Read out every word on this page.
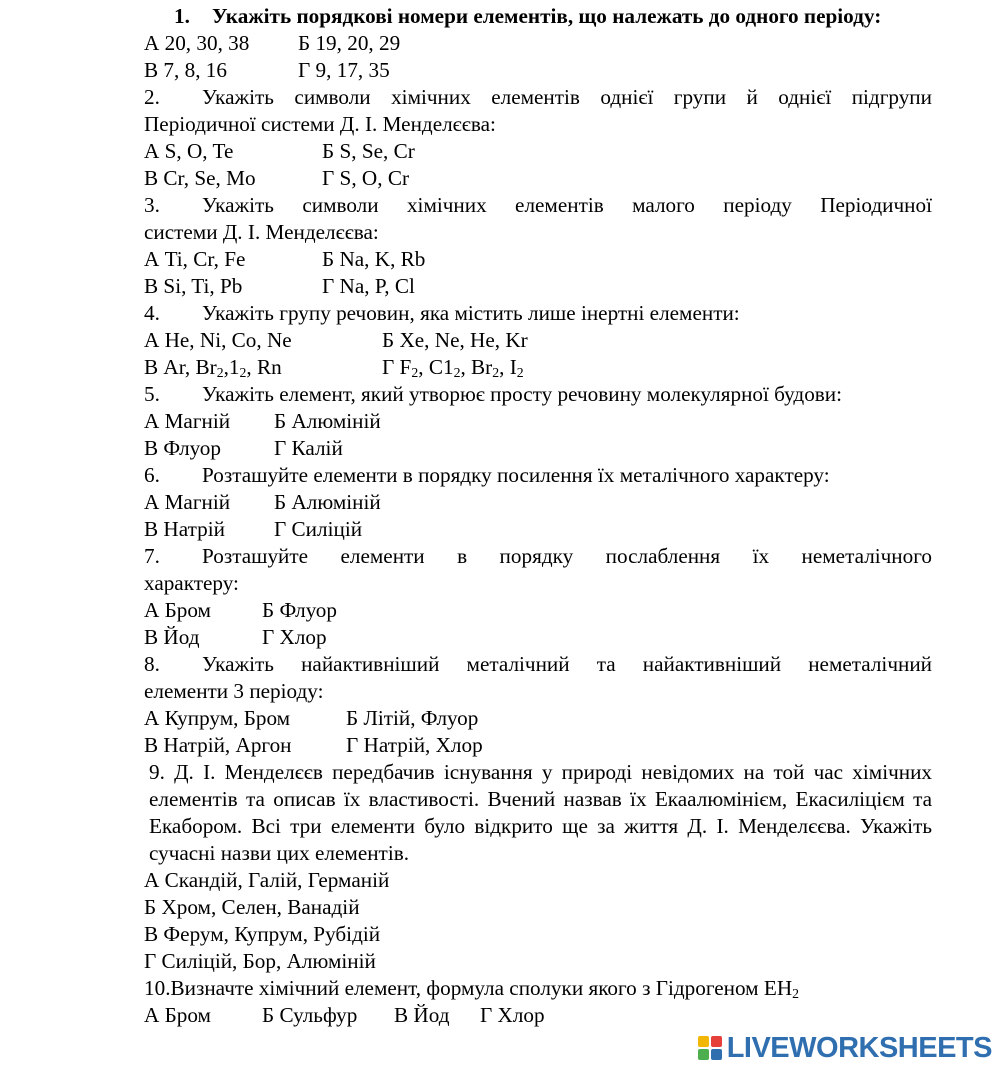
1. Укажіть порядкові номери елементів, що належать до одного періоду:
А 20, 30, 38 Б 19, 20, 29
В 7, 8, 16	Г 9, 17, 35
2. Укажіть символи хімічних елементів однієї групи й однієї підгрупи
Періодичної системи Д. І. Менделєєва:
А S, O, Te	Б S, Se, Cr
В Cr, Se, Mo	Г S, O, Cr
3. Укажіть символи хімічних елементів малого періоду Періодичної
системи Д. І. Менделєєва:
А Ti, Cr, Fe	Б Na, K, Rb
В Si, Ti, Pb	Г Na, P, Cl
4. Укажіть групу речовин, яка містить лише інертні елементи:
А He, Ni, Co, Ne	Б Xe, Ne, He, Kr
В Ar, $Br_2,1_2$, Rn	Г $F_2$, $C1_2$, $Br_2$, $I_2$
5. Укажіть елемент, який утворює просту речовину молекулярної будови:
А Магній Б Алюміній
В Флуор	Г Калій
6. Розташуйте елементи в порядку посилення їх металічного характеру:
А Магній Б Алюміній
В Натрій Г Силіцій
7. Розташуйте елементи в порядку послаблення їх неметалічного
характеру:
А Бром Б Флуор
В Йод	Г Хлор
8. Укажіть найактивніший металічний та найактивніший неметалічний
елементи 3 періоду:
А Купрум, Бром	Б Літій, Флуор
В Натрій, Аргон	Г Натрій, Хлор
9. Д. І. Менделєєв передбачив існування у природі невідомих на той час хімічних елементів та описав їх властивості. Вчений назвав їх Екаалюмінієм, Екасиліцієм та Екабором. Всі три елементи було відкрито ще за життя Д. І. Менделєєва. Укажіть сучасні назви цих елементів.
А Скандій, Галій, Германій
Б Хром, Селен, Ванадій
В Ферум, Купрум, Рубідій
Г Силіцій, Бор, Алюміній
10.Визначте хімічний елемент, формула сполуки якого з Гідрогеном $ЕН_2$
А Бром Б Сульфур В Йод Г Хлор
LIVEWORKSHEETS
